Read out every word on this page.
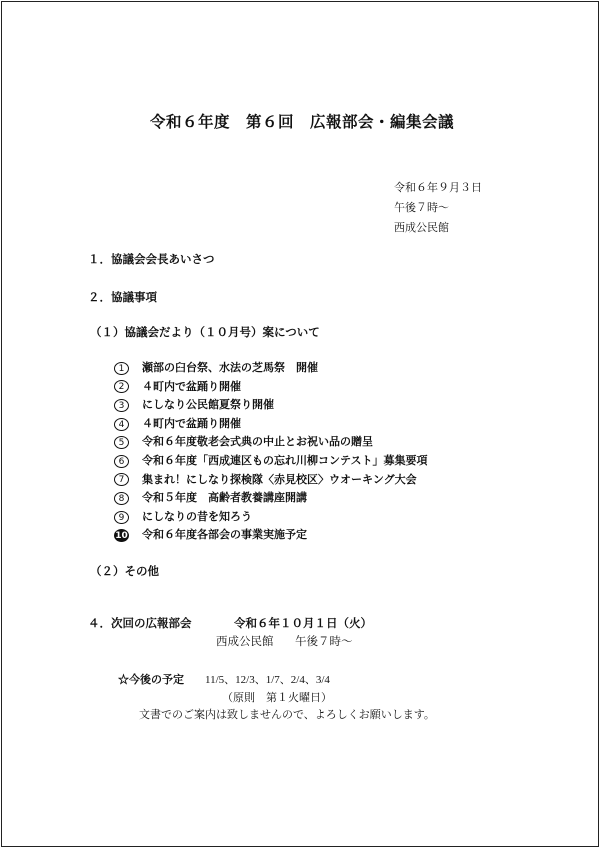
令和６年度　第６回　広報部会・編集会議
令和６年９月３日
午後７時～
西成公民館
１．協議会会長あいさつ
２．協議事項
（１）協議会だより（１０月号）案について
1	瀬部の臼台祭、水法の芝馬祭　開催
2	４町内で盆踊り開催
3	にしなり公民館夏祭り開催
4	４町内で盆踊り開催
5	令和６年度敬老会式典の中止とお祝い品の贈呈
6	令和６年度「西成連区もの忘れ川柳コンテスト」募集要項
7	集まれ！にしなり探検隊〈赤見校区〉ウオーキング大会
8	令和５年度　高齢者教養講座開講
9	にしなりの昔を知ろう
10 令和６年度各部会の事業実施予定
（２）その他
４．次回の広報部会	令和６年１０月１日（火）
西成公民館 午後７時～
☆今後の予定 11/5、12/3、1/7、2/4、3/4
（原則　第１火曜日）
文書でのご案内は致しませんので、よろしくお願いします。
